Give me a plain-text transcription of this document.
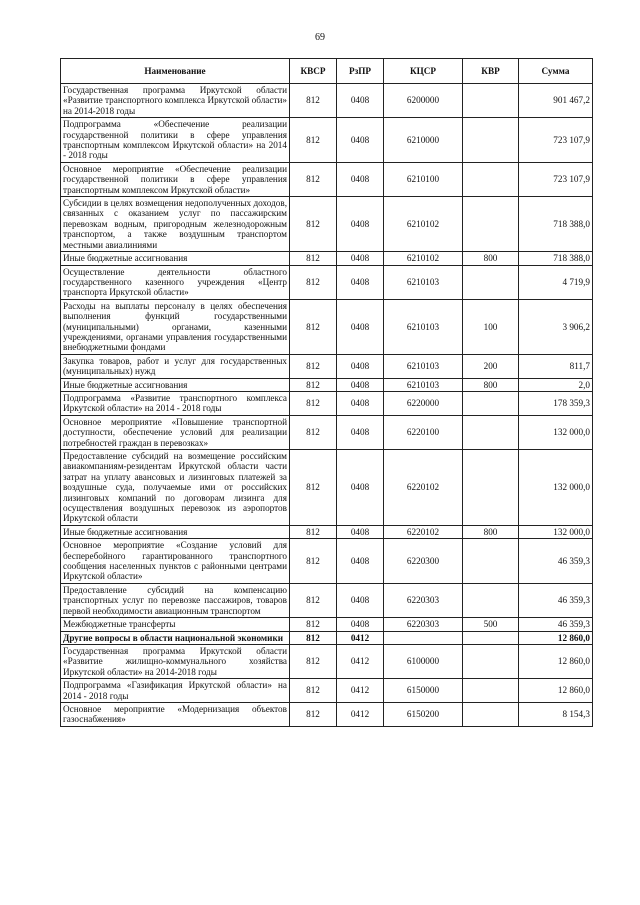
69
Наименование	КВСР	РзПР	КЦСР	КВР	Сумма
Государственная программа Иркутской области «Развитие транспортного комплекса Иркутской области» на 2014-2018 годы	812	0408	6200000		901 467,2
Подпрограмма «Обеспечение реализации государственной политики в сфере управления транспортным комплексом Иркутской области» на 2014 - 2018 годы	812	0408	6210000		723 107,9
Основное мероприятие «Обеспечение реализации государственной политики в сфере управления транспортным комплексом Иркутской области»	812	0408	6210100		723 107,9
Субсидии в целях возмещения недополученных доходов, связанных с оказанием услуг по пассажирским перевозкам водным, пригородным железнодорожным транспортом, а также воздушным транспортом местными авиалиниями	812	0408	6210102		718 388,0
Иные бюджетные ассигнования	812	0408	6210102	800	718 388,0
Осуществление деятельности областного государственного казенного учреждения «Центр транспорта Иркутской области»	812	0408	6210103		4 719,9
Расходы на выплаты персоналу в целях обеспечения выполнения функций государственными (муниципальными) органами, казенными учреждениями, органами управления государственными внебюджетными фондами	812	0408	6210103	100	3 906,2
Закупка товаров, работ и услуг для государственных (муниципальных) нужд	812	0408	6210103	200	811,7
Иные бюджетные ассигнования	812	0408	6210103	800	2,0
Подпрограмма «Развитие транспортного комплекса Иркутской области» на 2014 - 2018 годы	812	0408	6220000		178 359,3
Основное мероприятие «Повышение транспортной доступности, обеспечение условий для реализации потребностей граждан в перевозках»	812	0408	6220100		132 000,0
Предоставление субсидий на возмещение российским авиакомпаниям-резидентам Иркутской области части затрат на уплату авансовых и лизинговых платежей за воздушные суда, получаемые ими от российских лизинговых компаний по договорам лизинга для осуществления воздушных перевозок из аэропортов Иркутской области	812	0408	6220102		132 000,0
Иные бюджетные ассигнования	812	0408	6220102	800	132 000,0
Основное мероприятие «Создание условий для бесперебойного гарантированного транспортного сообщения населенных пунктов с районными центрами Иркутской области»	812	0408	6220300		46 359,3
Предоставление субсидий на компенсацию транспортных услуг по перевозке пассажиров, товаров первой необходимости авиационным транспортом	812	0408	6220303		46 359,3
Межбюджетные трансферты	812	0408	6220303	500	46 359,3
Другие вопросы в области национальной экономики	812	0412			12 860,0
Государственная программа Иркутской области «Развитие жилищно-коммунального хозяйства Иркутской области» на 2014-2018 годы	812	0412	6100000		12 860,0
Подпрограмма «Газификация Иркутской области» на 2014 - 2018 годы	812	0412	6150000		12 860,0
Основное мероприятие «Модернизация объектов газоснабжения»	812	0412	6150200		8 154,3
